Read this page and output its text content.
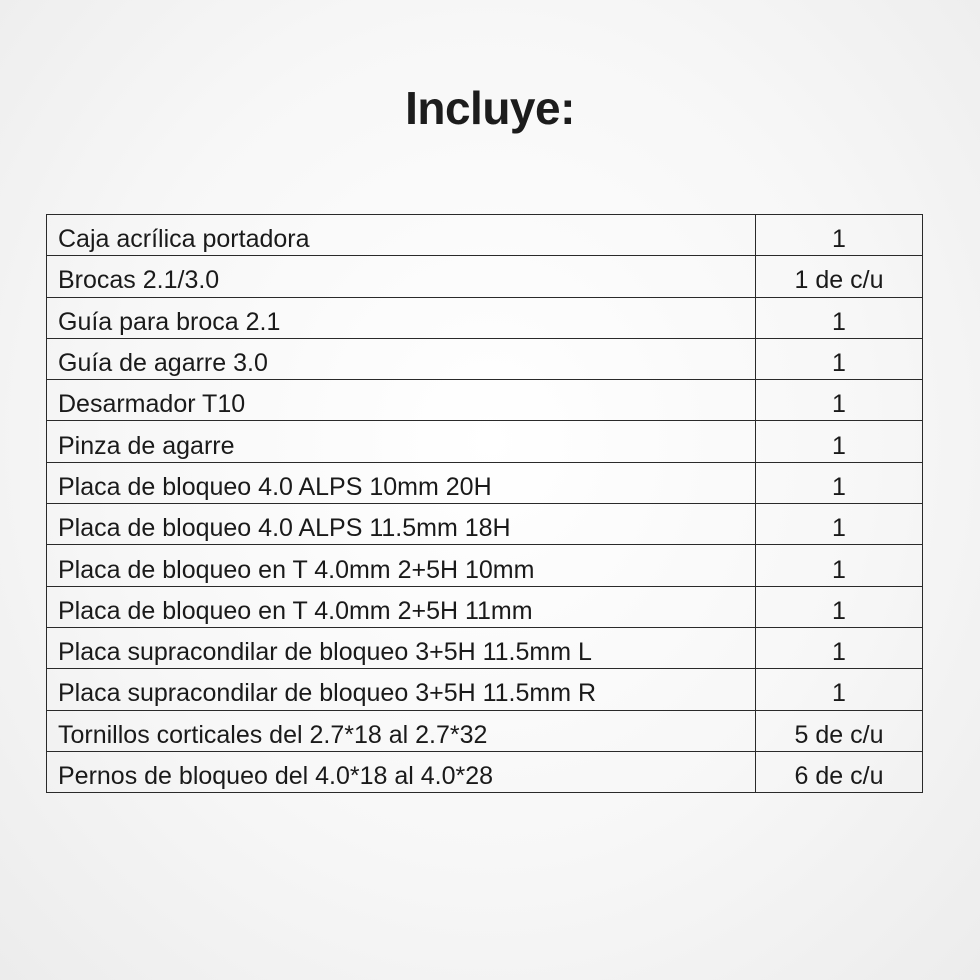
Incluye:
Caja acrílica portadora	1
Brocas 2.1/3.0	1 de c/u
Guía para broca 2.1	1
Guía de agarre 3.0	1
Desarmador T10	1
Pinza de agarre	1
Placa de bloqueo 4.0 ALPS 10mm 20H	1
Placa de bloqueo 4.0 ALPS 11.5mm 18H	1
Placa de bloqueo en T 4.0mm 2+5H 10mm	1
Placa de bloqueo en T 4.0mm 2+5H 11mm	1
Placa supracondilar de bloqueo 3+5H 11.5mm L	1
Placa supracondilar de bloqueo 3+5H 11.5mm R	1
Tornillos corticales del 2.7*18 al 2.7*32	5 de c/u
Pernos de bloqueo del 4.0*18 al 4.0*28	6 de c/u
